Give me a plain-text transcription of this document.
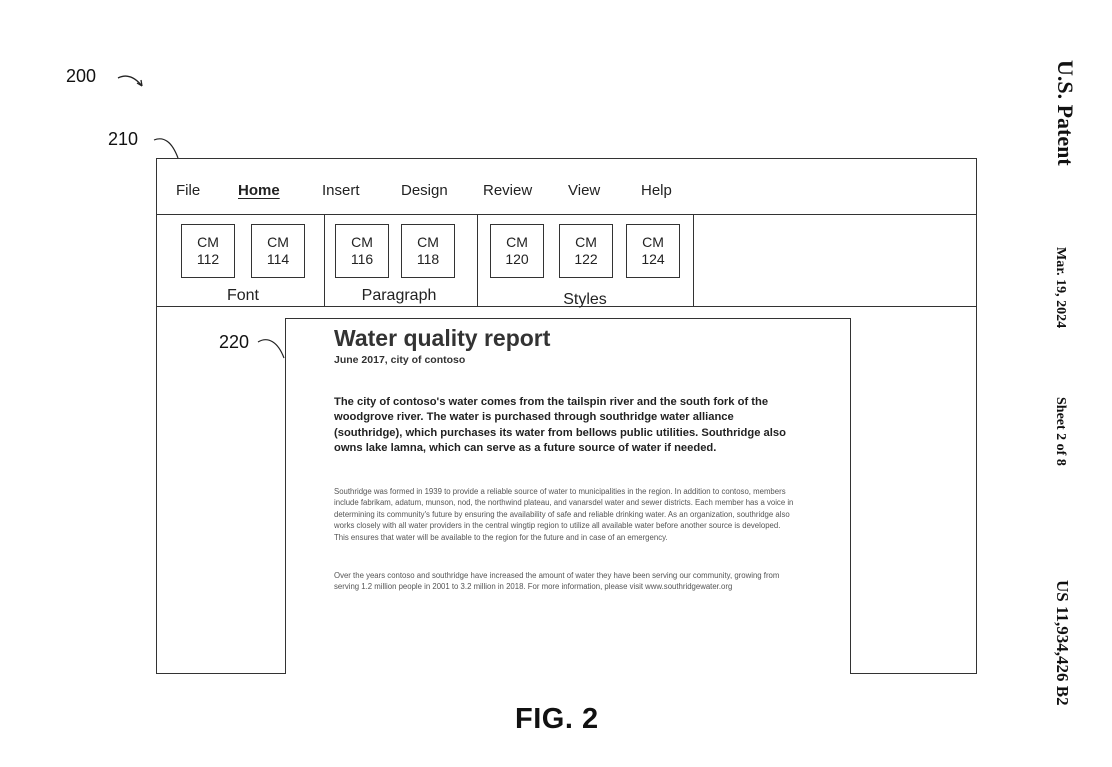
200
210	U.S. Patent
Mar. 19, 2024
Sheet 2 of 8
US 11,934,426 B2
File	Home	Insert	Design Review View	Help
CM
112
CM
114
Font
CM
116
CM
118
Paragraph
CM
120
CM
122
CM
124
Styles
220	Water quality report
June 2017, city of contoso
The city of contoso's water comes from the tailspin river and the south fork of the woodgrove river. The water is purchased through southridge water alliance (southridge), which purchases its water from bellows public utilities. Southridge also owns lake lamna, which can serve as a future source of water if needed.
Southridge was formed in 1939 to provide a reliable source of water to municipalities in the region. In addition to contoso, members include fabrikam, adatum, munson, nod, the northwind plateau, and vanarsdel water and sewer districts. Each member has a voice in determining its community's future by ensuring the availability of safe and reliable drinking water. As an organization, southridge also works closely with all water providers in the central wingtip region to utilize all available water before another source is developed. This ensures that water will be available to the region for the future and in case of an emergency.
Over the years contoso and southridge have increased the amount of water they have been serving our community, growing from serving 1.2 million people in 2001 to 3.2 million in 2018. For more information, please visit www.southridgewater.org
FIG. 2
